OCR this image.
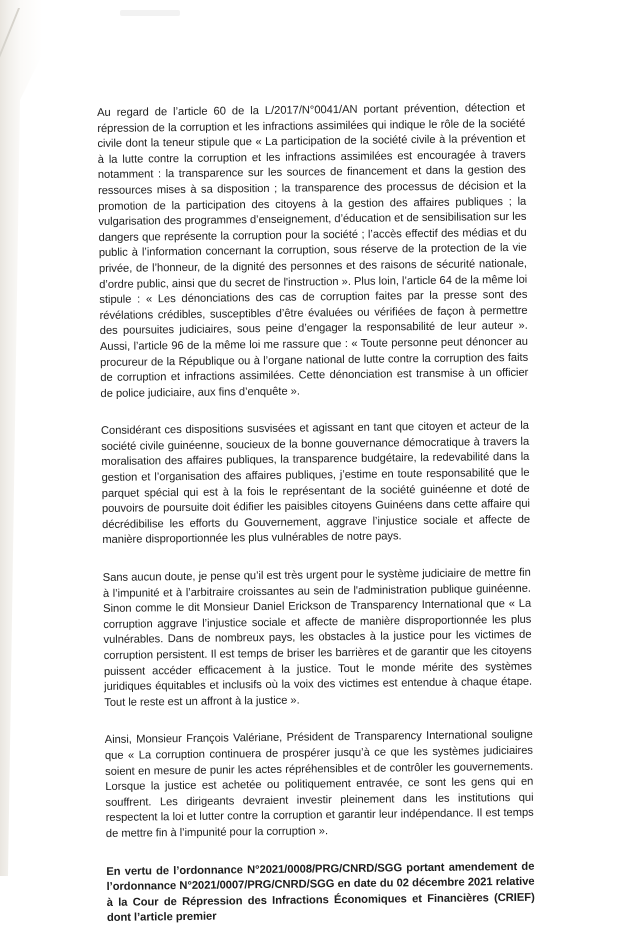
Au regard de l’article 60 de la L/2017/N°0041/AN portant prévention, détection et répression de la corruption et les infractions assimilées qui indique le rôle de la société civile dont la teneur stipule que « La participation de la société civile à la prévention et à la lutte contre la corruption et les infractions assimilées est encouragée à travers notamment : la transparence sur les sources de financement et dans la gestion des ressources mises à sa disposition ; la transparence des processus de décision et la promotion de la participation des citoyens à la gestion des affaires publiques ; la vulgarisation des programmes d’enseignement, d’éducation et de sensibilisation sur les dangers que représente la corruption pour la société ; l’accès effectif des médias et du public à l’information concernant la corruption, sous réserve de la protection de la vie privée, de l’honneur, de la dignité des personnes et des raisons de sécurité nationale, d’ordre public, ainsi que du secret de l'instruction ». Plus loin, l’article 64 de la même loi stipule : « Les dénonciations des cas de corruption faites par la presse sont des révélations crédibles, susceptibles d’être évaluées ou vérifiées de façon à permettre des poursuites judiciaires, sous peine d’engager la responsabilité de leur auteur ». Aussi, l’article 96 de la même loi me rassure que : « Toute personne peut dénoncer au procureur de la République ou à l’organe national de lutte contre la corruption des faits de corruption et infractions assimilées. Cette dénonciation est transmise à un officier de police judiciaire, aux fins d’enquête ».

Considérant ces dispositions susvisées et agissant en tant que citoyen et acteur de la société civile guinéenne, soucieux de la bonne gouvernance démocratique à travers la moralisation des affaires publiques, la transparence budgétaire, la redevabilité dans la gestion et l’organisation des affaires publiques, j’estime en toute responsabilité que le parquet spécial qui est à la fois le représentant de la société guinéenne et doté de pouvoirs de poursuite doit édifier les paisibles citoyens Guinéens dans cette affaire qui décrédibilise les efforts du Gouvernement, aggrave l’injustice sociale et affecte de manière disproportionnée les plus vulnérables de notre pays.

Sans aucun doute, je pense qu’il est très urgent pour le système judiciaire de mettre fin à l’impunité et à l’arbitraire croissantes au sein de l'administration publique guinéenne. Sinon comme le dit Monsieur Daniel Erickson de Transparency International que « La corruption aggrave l’injustice sociale et affecte de manière disproportionnée les plus vulnérables. Dans de nombreux pays, les obstacles à la justice pour les victimes de corruption persistent. Il est temps de briser les barrières et de garantir que les citoyens puissent accéder efficacement à la justice. Tout le monde mérite des systèmes juridiques équitables et inclusifs où la voix des victimes est entendue à chaque étape. Tout le reste est un affront à la justice ».

Ainsi, Monsieur François Valériane, Président de Transparency International souligne que « La corruption continuera de prospérer jusqu’à ce que les systèmes judiciaires soient en mesure de punir les actes répréhensibles et de contrôler les gouvernements. Lorsque la justice est achetée ou politiquement entravée, ce sont les gens qui en souffrent. Les dirigeants devraient investir pleinement dans les institutions qui respectent la loi et lutter contre la corruption et garantir leur indépendance. Il est temps de mettre fin à l’impunité pour la corruption ».

En vertu de l’ordonnance N°2021/0008/PRG/CNRD/SGG portant amendement de l’ordonnance N°2021/0007/PRG/CNRD/SGG en date du 02 décembre 2021 relative à la Cour de Répression des Infractions Économiques et Financières (CRIEF) dont l’article premier
